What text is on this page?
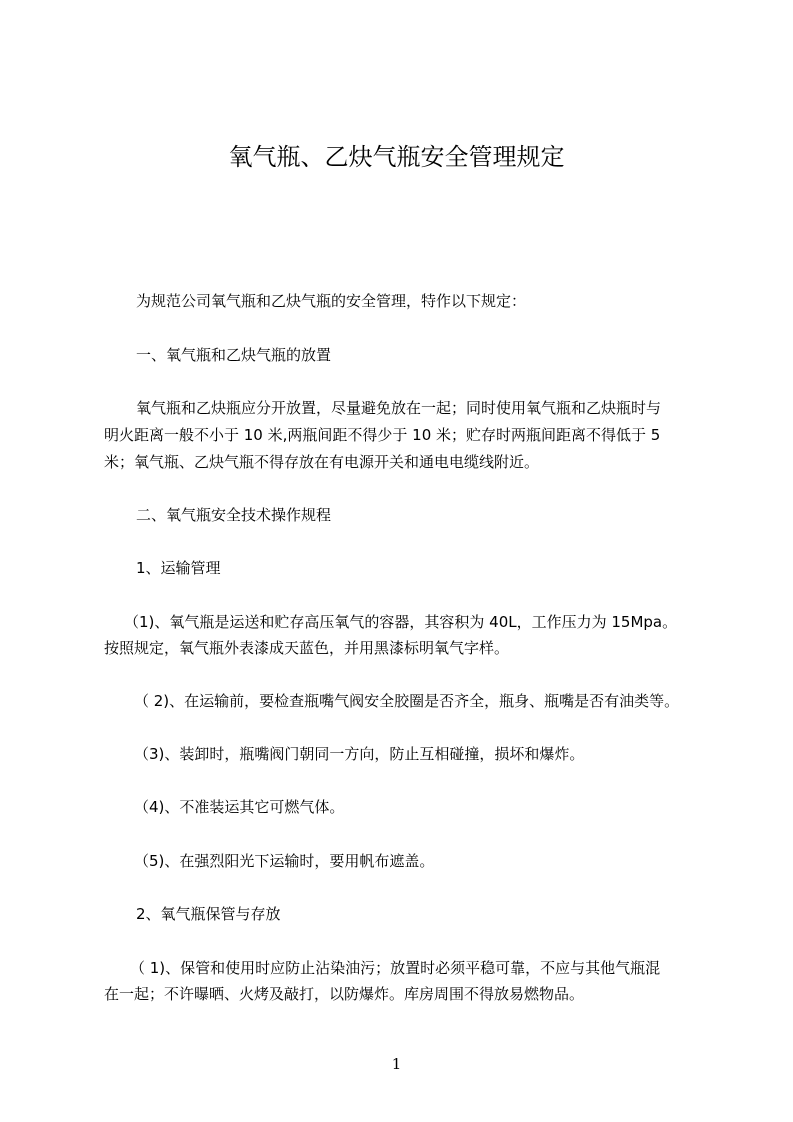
氧气瓶、乙炔气瓶安全管理规定
为规范公司氧气瓶和乙炔气瓶的安全管理，特作以下规定：
一、氧气瓶和乙炔气瓶的放置
氧气瓶和乙炔瓶应分开放置，尽量避免放在一起；同时使用氧气瓶和乙炔瓶时与
明火距离一般不小于 10 米,两瓶间距不得少于 10 米；贮存时两瓶间距离不得低于 5
米；氧气瓶、乙炔气瓶不得存放在有电源开关和通电电缆线附近。
二、氧气瓶安全技术操作规程
1、运输管理
（1)、氧气瓶是运送和贮存高压氧气的容器，其容积为 40L，工作压力为 15Mpa。
按照规定，氧气瓶外表漆成天蓝色，并用黑漆标明氧气字样。
（ 2)、在运输前，要检查瓶嘴气阀安全胶圈是否齐全，瓶身、瓶嘴是否有油类等。
（3)、装卸时，瓶嘴阀门朝同一方向，防止互相碰撞，损坏和爆炸。
（4)、不准装运其它可燃气体。
（5)、在强烈阳光下运输时，要用帆布遮盖。
2、氧气瓶保管与存放
（ 1)、保管和使用时应防止沾染油污；放置时必须平稳可靠，不应与其他气瓶混
在一起；不许曝晒、火烤及敲打，以防爆炸。库房周围不得放易燃物品。
1
